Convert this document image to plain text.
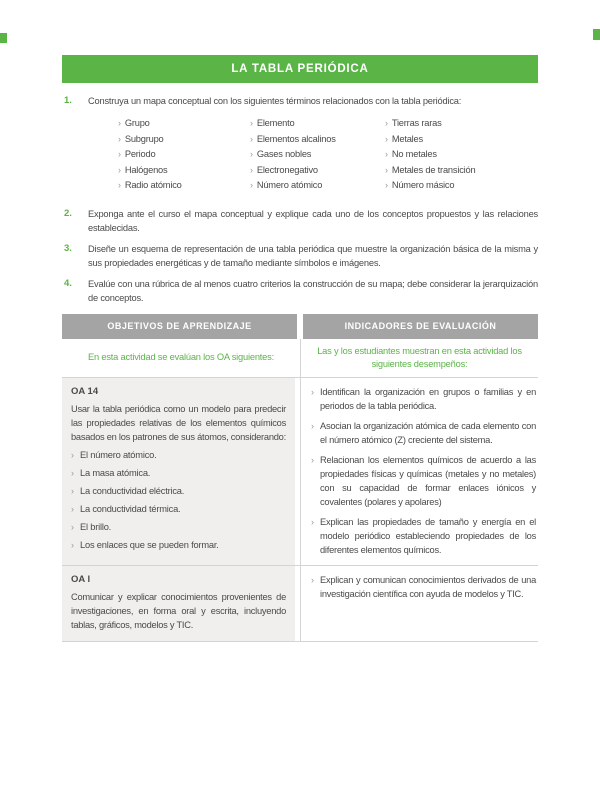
LA TABLA PERIÓDICA
1.	Construya un mapa conceptual con los siguientes términos relacionados con la tabla periódica:
› Grupo
› Subgrupo
› Periodo
› Halógenos
› Radio atómico
› Elemento
› Elementos alcalinos
› Gases nobles
› Electronegativo
› Número atómico
› Tierras raras
› Metales
› No metales
› Metales de transición
› Número másico
2.	Exponga ante el curso el mapa conceptual y explique cada uno de los conceptos propuestos y las relaciones establecidas.
3.	Diseñe un esquema de representación de una tabla periódica que muestre la organización básica de la misma y sus propiedades energéticas y de tamaño mediante símbolos e imágenes.
4.	Evalúe con una rúbrica de al menos cuatro criterios la construcción de su mapa; debe considerar la jerarquización de conceptos.
OBJETIVOS DE APRENDIZAJE	INDICADORES DE EVALUACIÓN
En esta actividad se evalúan los OA siguientes:
Las y los estudiantes muestran en esta actividad los siguientes desempeños:
OA 14
Usar la tabla periódica como un modelo para predecir las propiedades relativas de los elementos químicos basados en los patrones de sus átomos, considerando:
› El número atómico.
› La masa atómica.
› La conductividad eléctrica.
› La conductividad térmica.
› El brillo.
› Los enlaces que se pueden formar.
› Identifican la organización en grupos o familias y en periodos de la tabla periódica.
› Asocian la organización atómica de cada elemento con el número atómico (Z) creciente del sistema.
› Relacionan los elementos químicos de acuerdo a las propiedades físicas y químicas (metales y no metales) con su capacidad de formar enlaces iónicos y covalentes (polares y apolares)
› Explican las propiedades de tamaño y energía en el modelo periódico estableciendo propiedades de los diferentes elementos químicos.
OA l
Comunicar y explicar conocimientos provenientes de investigaciones, en forma oral y escrita, incluyendo tablas, gráficos, modelos y TIC.
› Explican y comunican conocimientos derivados de una investigación científica con ayuda de modelos y TIC.
